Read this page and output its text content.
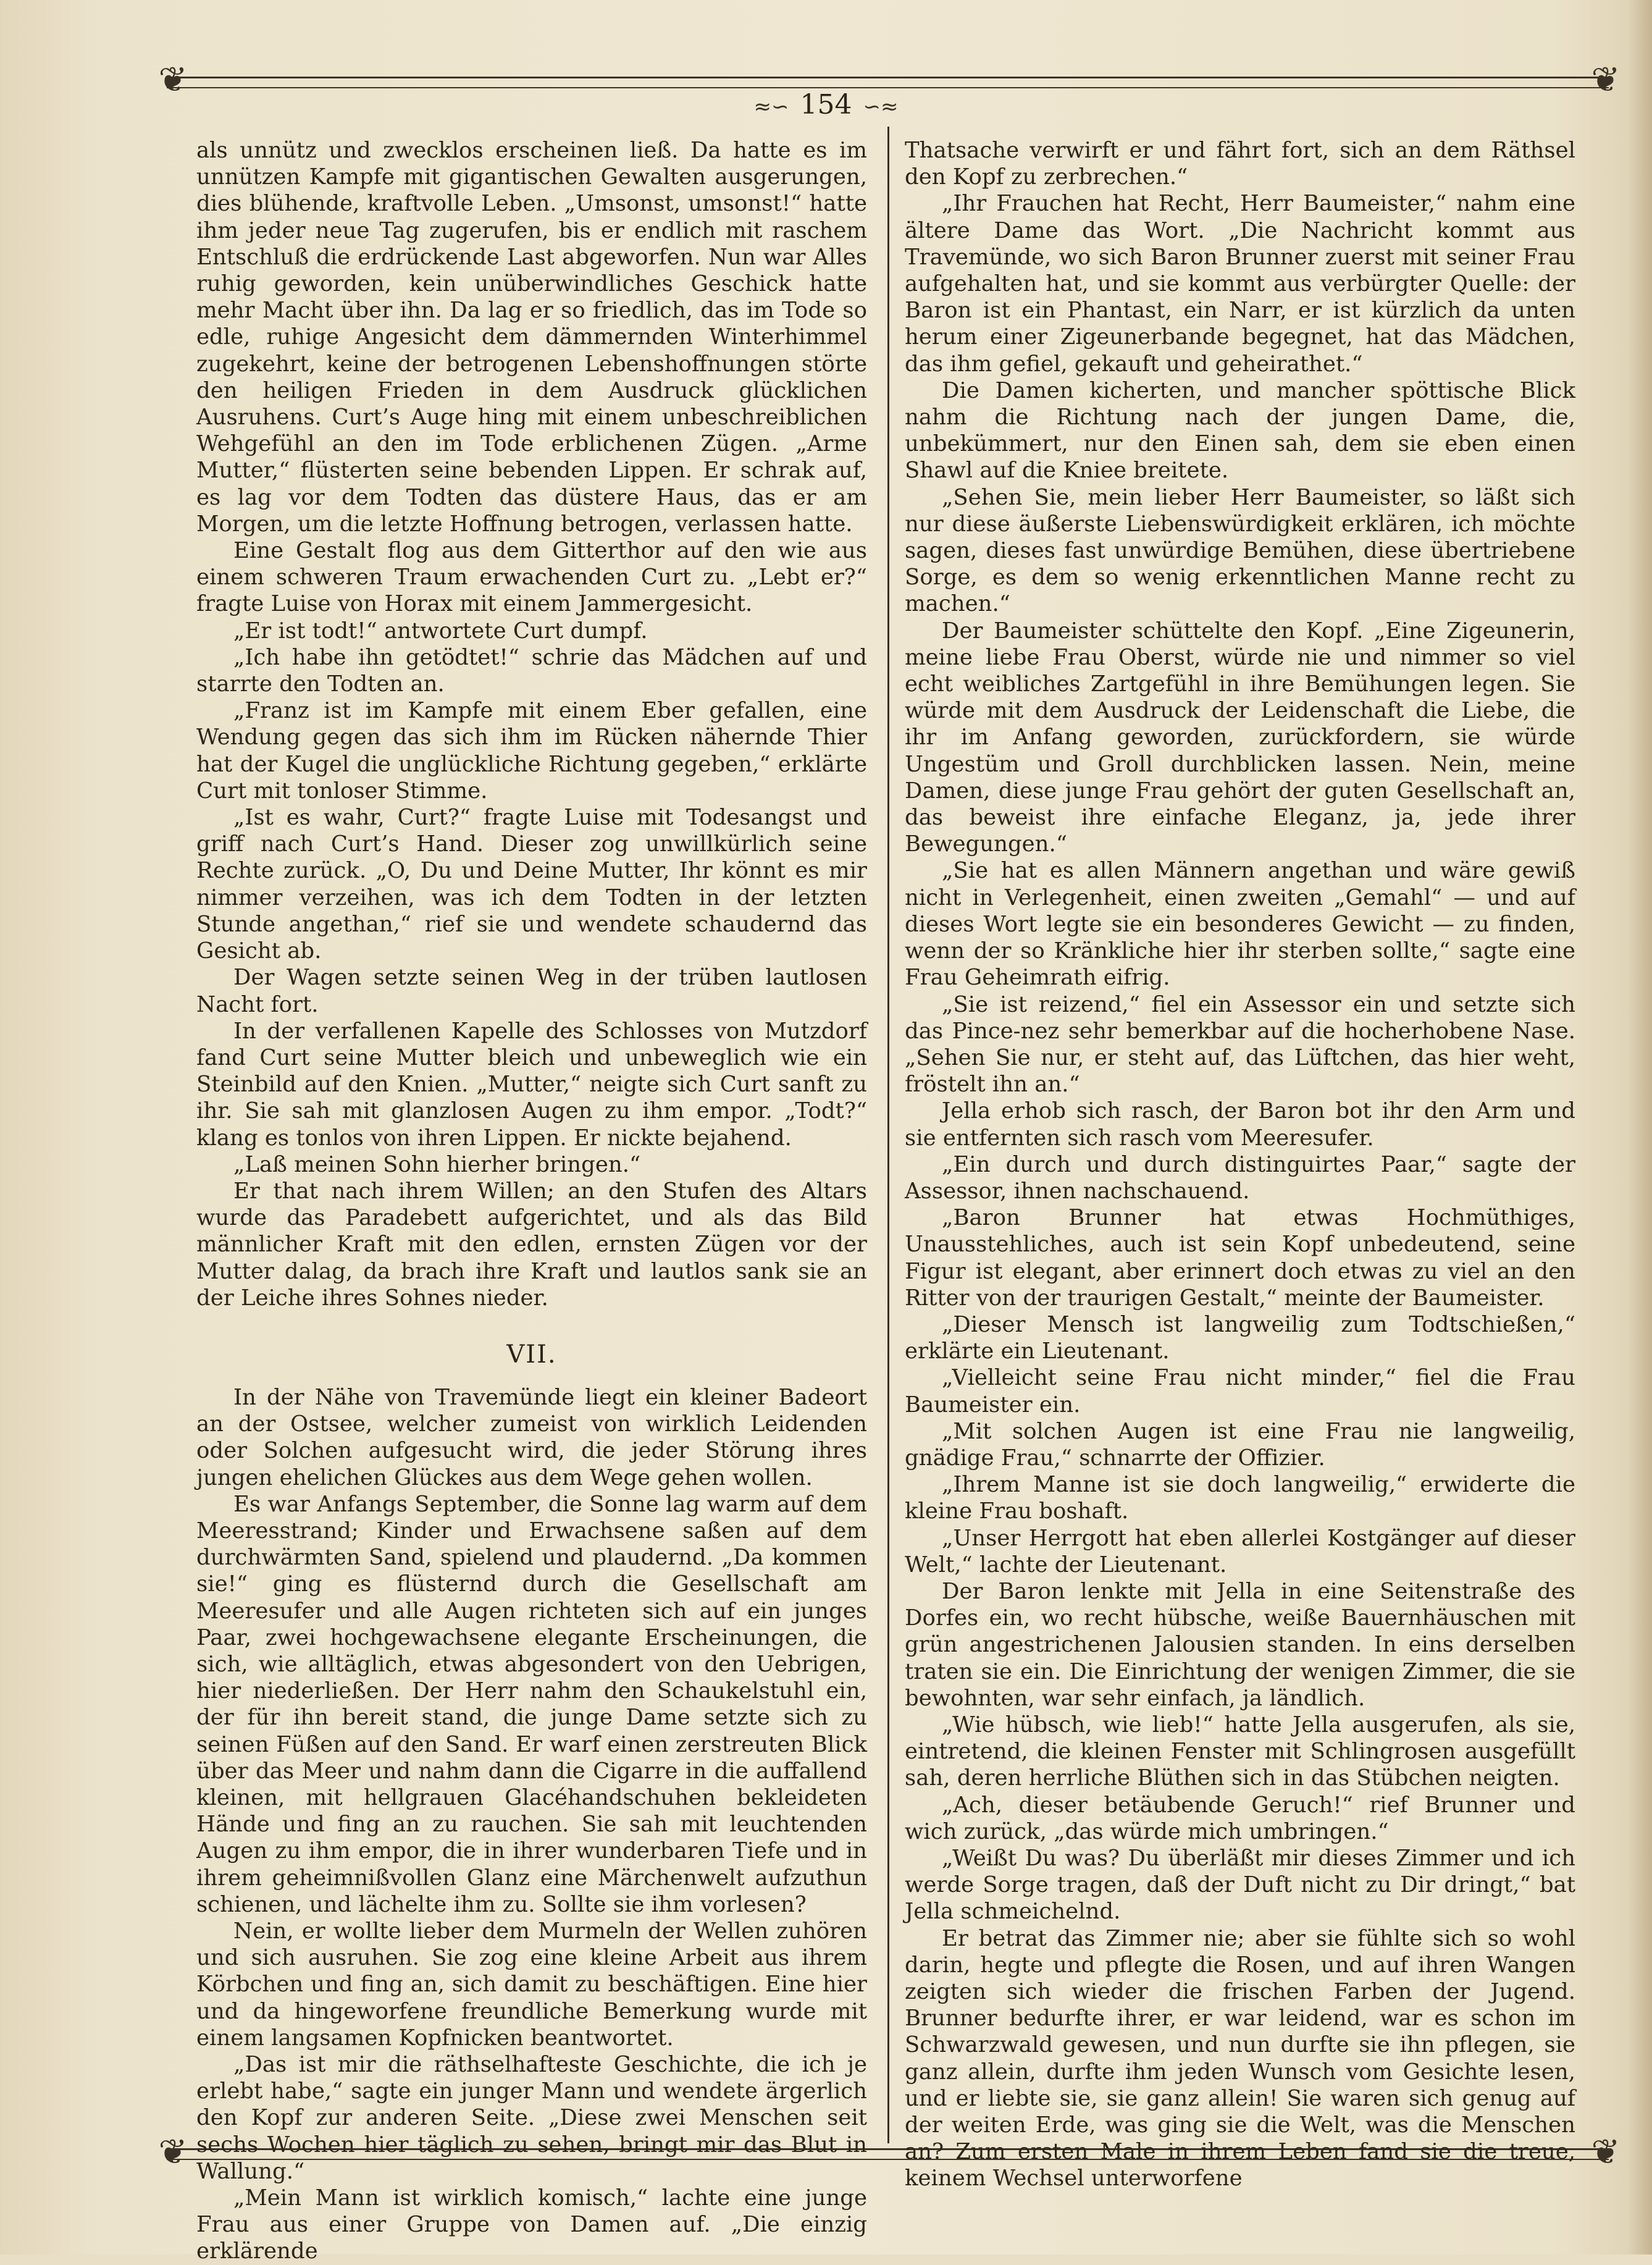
❦	❦
❦	❦
≈∽ 154 ∽≈

als unnütz und zwecklos erscheinen ließ. Da hatte es im unnützen Kampfe mit gigantischen Gewalten ausgerungen, dies blühende, kraftvolle Leben. „Umsonst, umsonst!“ hatte ihm jeder neue Tag zugerufen, bis er endlich mit raschem Entschluß die erdrückende Last abgeworfen. Nun war Alles ruhig geworden, kein unüberwindliches Geschick hatte mehr Macht über ihn. Da lag er so friedlich, das im Tode so edle, ruhige Angesicht dem dämmernden Winterhimmel zugekehrt, keine der betrogenen Lebenshoffnungen störte den heiligen Frieden in dem Ausdruck glücklichen Ausruhens. Curt’s Auge hing mit einem unbeschreiblichen Wehgefühl an den im Tode erblichenen Zügen. „Arme Mutter,“ flüsterten seine bebenden Lippen. Er schrak auf, es lag vor dem Todten das düstere Haus, das er am Morgen, um die letzte Hoffnung betrogen, verlassen hatte.

Eine Gestalt flog aus dem Gitterthor auf den wie aus einem schweren Traum erwachenden Curt zu. „Lebt er?“ fragte Luise von Horax mit einem Jammergesicht.

„Er ist todt!“ antwortete Curt dumpf.

„Ich habe ihn getödtet!“ schrie das Mädchen auf und starrte den Todten an.

„Franz ist im Kampfe mit einem Eber gefallen, eine Wendung gegen das sich ihm im Rücken nähernde Thier hat der Kugel die unglückliche Richtung gegeben,“ erklärte Curt mit tonloser Stimme.

„Ist es wahr, Curt?“ fragte Luise mit Todesangst und griff nach Curt’s Hand. Dieser zog unwillkürlich seine Rechte zurück. „O, Du und Deine Mutter, Ihr könnt es mir nimmer verzeihen, was ich dem Todten in der letzten Stunde angethan,“ rief sie und wendete schaudernd das Gesicht ab.

Der Wagen setzte seinen Weg in der trüben lautlosen Nacht fort.

In der verfallenen Kapelle des Schlosses von Mutzdorf fand Curt seine Mutter bleich und unbeweglich wie ein Steinbild auf den Knien. „Mutter,“ neigte sich Curt sanft zu ihr. Sie sah mit glanzlosen Augen zu ihm empor. „Todt?“ klang es tonlos von ihren Lippen. Er nickte bejahend.

„Laß meinen Sohn hierher bringen.“

Er that nach ihrem Willen; an den Stufen des Altars wurde das Paradebett aufgerichtet, und als das Bild männlicher Kraft mit den edlen, ernsten Zügen vor der Mutter dalag, da brach ihre Kraft und lautlos sank sie an der Leiche ihres Sohnes nieder.

VII.

In der Nähe von Travemünde liegt ein kleiner Badeort an der Ostsee, welcher zumeist von wirklich Leidenden oder Solchen aufgesucht wird, die jeder Störung ihres jungen ehelichen Glückes aus dem Wege gehen wollen.

Es war Anfangs September, die Sonne lag warm auf dem Meeresstrand; Kinder und Erwachsene saßen auf dem durchwärmten Sand, spielend und plaudernd. „Da kommen sie!“ ging es flüsternd durch die Gesellschaft am Meeresufer und alle Augen richteten sich auf ein junges Paar, zwei hochgewachsene elegante Erscheinungen, die sich, wie alltäglich, etwas abgesondert von den Uebrigen, hier niederließen. Der Herr nahm den Schaukelstuhl ein, der für ihn bereit stand, die junge Dame setzte sich zu seinen Füßen auf den Sand. Er warf einen zerstreuten Blick über das Meer und nahm dann die Cigarre in die auffallend kleinen, mit hellgrauen Glacéhandschuhen bekleideten Hände und fing an zu rauchen. Sie sah mit leuchtenden Augen zu ihm empor, die in ihrer wunderbaren Tiefe und in ihrem geheimnißvollen Glanz eine Märchenwelt aufzuthun schienen, und lächelte ihm zu. Sollte sie ihm vorlesen?

Nein, er wollte lieber dem Murmeln der Wellen zuhören und sich ausruhen. Sie zog eine kleine Arbeit aus ihrem Körbchen und fing an, sich damit zu beschäftigen. Eine hier und da hingeworfene freundliche Bemerkung wurde mit einem langsamen Kopfnicken beantwortet.

„Das ist mir die räthselhafteste Geschichte, die ich je erlebt habe,“ sagte ein junger Mann und wendete ärgerlich den Kopf zur anderen Seite. „Diese zwei Menschen seit sechs Wochen hier täglich zu sehen, bringt mir das Blut in Wallung.“

„Mein Mann ist wirklich komisch,“ lachte eine junge Frau aus einer Gruppe von Damen auf. „Die einzig erklärende

Thatsache verwirft er und fährt fort, sich an dem Räthsel den Kopf zu zerbrechen.“

„Ihr Frauchen hat Recht, Herr Baumeister,“ nahm eine ältere Dame das Wort. „Die Nachricht kommt aus Travemünde, wo sich Baron Brunner zuerst mit seiner Frau aufgehalten hat, und sie kommt aus verbürgter Quelle: der Baron ist ein Phantast, ein Narr, er ist kürzlich da unten herum einer Zigeunerbande begegnet, hat das Mädchen, das ihm gefiel, gekauft und geheirathet.“

Die Damen kicherten, und mancher spöttische Blick nahm die Richtung nach der jungen Dame, die, unbekümmert, nur den Einen sah, dem sie eben einen Shawl auf die Kniee breitete.

„Sehen Sie, mein lieber Herr Baumeister, so läßt sich nur diese äußerste Liebenswürdigkeit erklären, ich möchte sagen, dieses fast unwürdige Bemühen, diese übertriebene Sorge, es dem so wenig erkenntlichen Manne recht zu machen.“

Der Baumeister schüttelte den Kopf. „Eine Zigeunerin, meine liebe Frau Oberst, würde nie und nimmer so viel echt weibliches Zartgefühl in ihre Bemühungen legen. Sie würde mit dem Ausdruck der Leidenschaft die Liebe, die ihr im Anfang geworden, zurückfordern, sie würde Ungestüm und Groll durchblicken lassen. Nein, meine Damen, diese junge Frau gehört der guten Gesellschaft an, das beweist ihre einfache Eleganz, ja, jede ihrer Bewegungen.“

„Sie hat es allen Männern angethan und wäre gewiß nicht in Verlegenheit, einen zweiten „Gemahl“ — und auf dieses Wort legte sie ein besonderes Gewicht — zu finden, wenn der so Kränkliche hier ihr sterben sollte,“ sagte eine Frau Geheimrath eifrig.

„Sie ist reizend,“ fiel ein Assessor ein und setzte sich das Pince-nez sehr bemerkbar auf die hocherhobene Nase. „Sehen Sie nur, er steht auf, das Lüftchen, das hier weht, fröstelt ihn an.“

Jella erhob sich rasch, der Baron bot ihr den Arm und sie entfernten sich rasch vom Meeresufer.

„Ein durch und durch distinguirtes Paar,“ sagte der Assessor, ihnen nachschauend.

„Baron Brunner hat etwas Hochmüthiges, Unausstehliches, auch ist sein Kopf unbedeutend, seine Figur ist elegant, aber erinnert doch etwas zu viel an den Ritter von der traurigen Gestalt,“ meinte der Baumeister.

„Dieser Mensch ist langweilig zum Todtschießen,“ erklärte ein Lieutenant.

„Vielleicht seine Frau nicht minder,“ fiel die Frau Baumeister ein.

„Mit solchen Augen ist eine Frau nie langweilig, gnädige Frau,“ schnarrte der Offizier.

„Ihrem Manne ist sie doch langweilig,“ erwiderte die kleine Frau boshaft.

„Unser Herrgott hat eben allerlei Kostgänger auf dieser Welt,“ lachte der Lieutenant.

Der Baron lenkte mit Jella in eine Seitenstraße des Dorfes ein, wo recht hübsche, weiße Bauernhäuschen mit grün angestrichenen Jalousien standen. In eins derselben traten sie ein. Die Einrichtung der wenigen Zimmer, die sie bewohnten, war sehr einfach, ja ländlich.

„Wie hübsch, wie lieb!“ hatte Jella ausgerufen, als sie, eintretend, die kleinen Fenster mit Schlingrosen ausgefüllt sah, deren herrliche Blüthen sich in das Stübchen neigten.

„Ach, dieser betäubende Geruch!“ rief Brunner und wich zurück, „das würde mich umbringen.“

„Weißt Du was? Du überläßt mir dieses Zimmer und ich werde Sorge tragen, daß der Duft nicht zu Dir dringt,“ bat Jella schmeichelnd.

Er betrat das Zimmer nie; aber sie fühlte sich so wohl darin, hegte und pflegte die Rosen, und auf ihren Wangen zeigten sich wieder die frischen Farben der Jugend. Brunner bedurfte ihrer, er war leidend, war es schon im Schwarzwald gewesen, und nun durfte sie ihn pflegen, sie ganz allein, durfte ihm jeden Wunsch vom Gesichte lesen, und er liebte sie, sie ganz allein! Sie waren sich genug auf der weiten Erde, was ging sie die Welt, was die Menschen an? Zum ersten Male in ihrem Leben fand sie die treue, keinem Wechsel unterworfene
